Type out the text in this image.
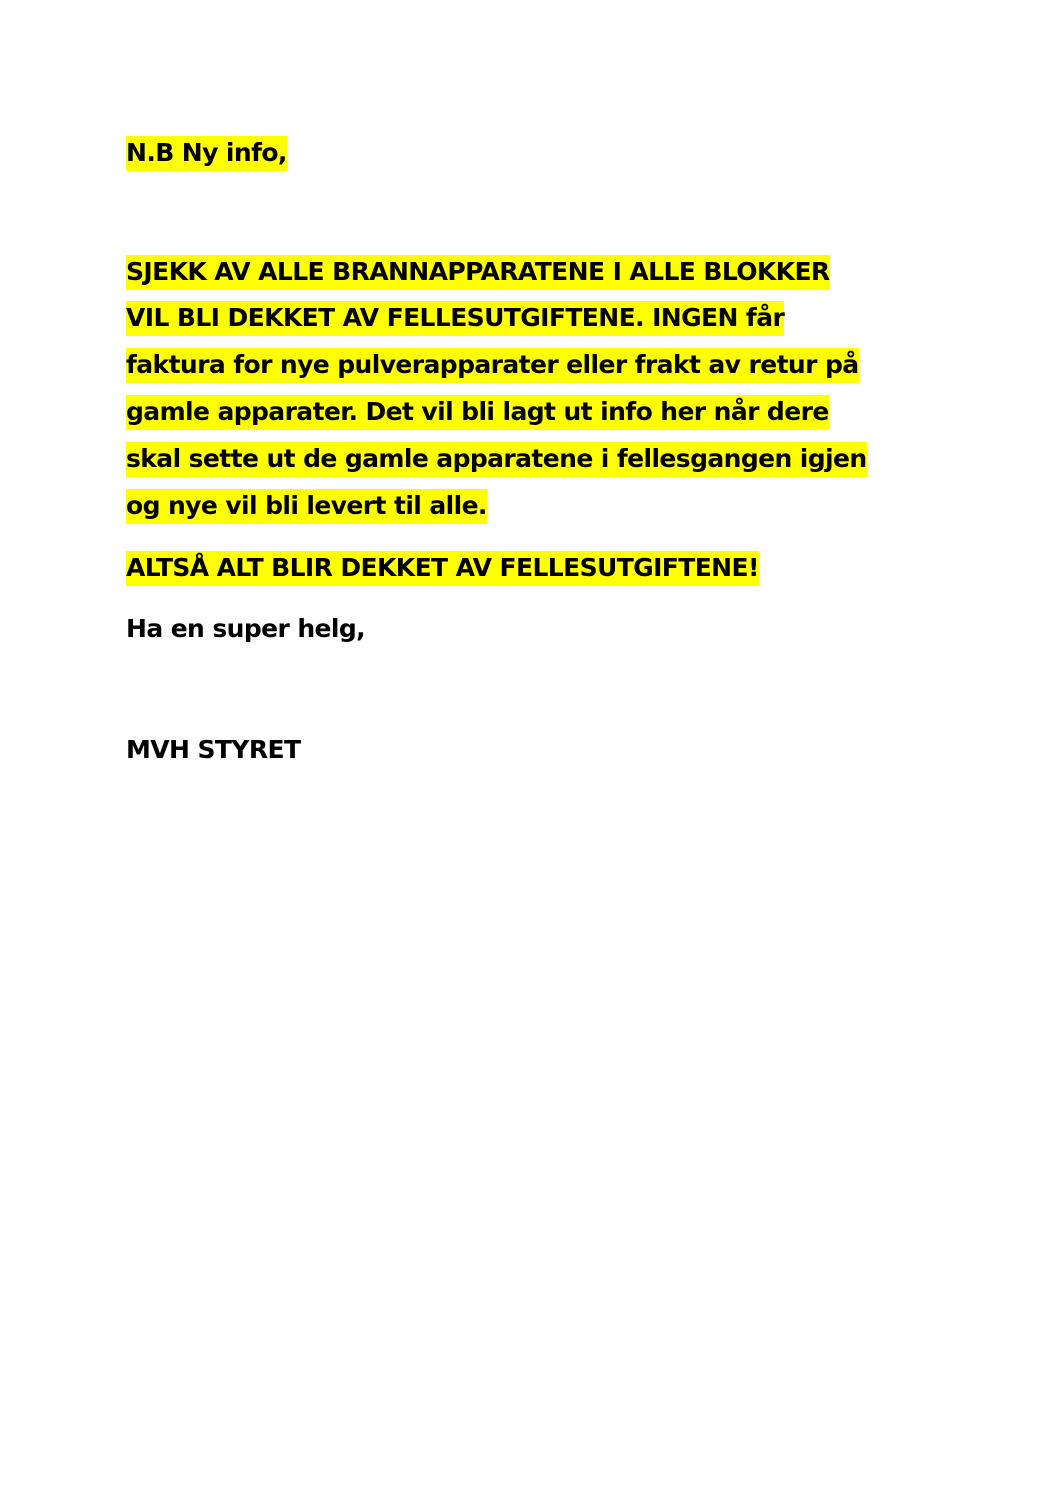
N.B Ny info,
SJEKK AV ALLE BRANNAPPARATENE I ALLE BLOKKER
VIL BLI DEKKET AV FELLESUTGIFTENE. INGEN får
faktura for nye pulverapparater eller frakt av retur på
gamle apparater. Det vil bli lagt ut info her når dere
skal sette ut de gamle apparatene i fellesgangen igjen
og nye vil bli levert til alle.
ALTSÅ ALT BLIR DEKKET AV FELLESUTGIFTENE!
Ha en super helg,
MVH STYRET
